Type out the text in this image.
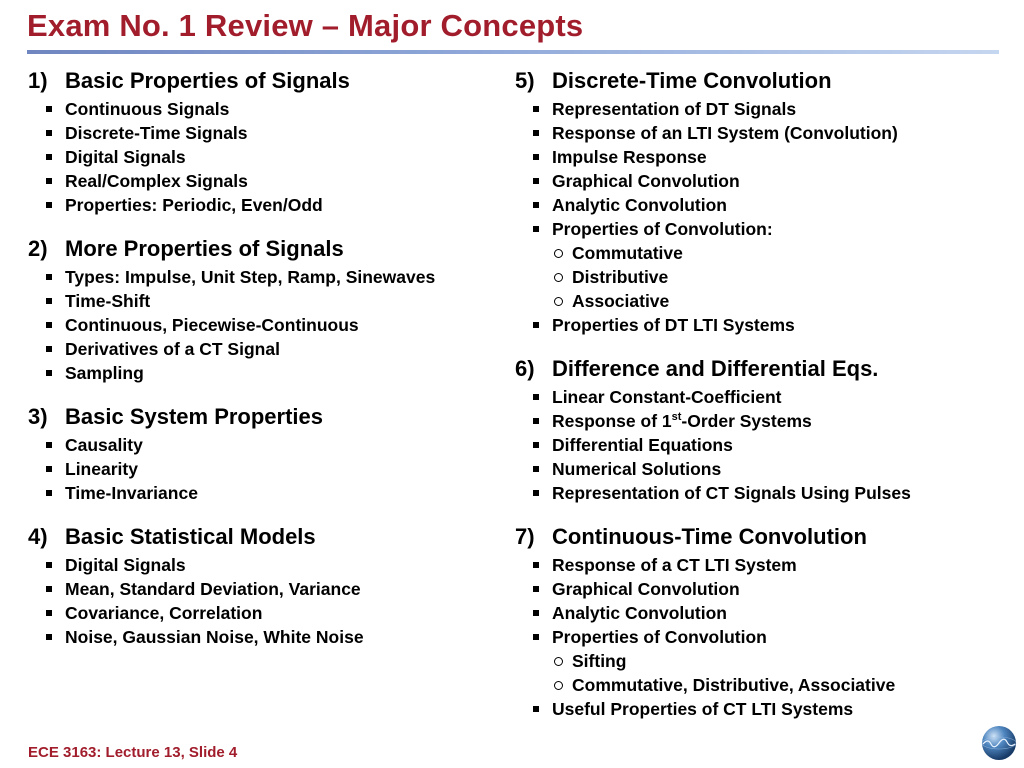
Exam No. 1 Review – Major Concepts
1) Basic Properties of Signals
Continuous Signals
Discrete-Time Signals
Digital Signals
Real/Complex Signals
Properties: Periodic, Even/Odd
2) More Properties of Signals
Types: Impulse, Unit Step, Ramp, Sinewaves
Time-Shift
Continuous, Piecewise-Continuous
Derivatives of a CT Signal
Sampling
3) Basic System Properties
Causality
Linearity
Time-Invariance
4) Basic Statistical Models
Digital Signals
Mean, Standard Deviation, Variance
Covariance, Correlation
Noise, Gaussian Noise, White Noise
5) Discrete-Time Convolution
Representation of DT Signals
Response of an LTI System (Convolution)
Impulse Response
Graphical Convolution
Analytic Convolution
Properties of Convolution:
Commutative
Distributive
Associative
Properties of DT LTI Systems
6) Difference and Differential Eqs.
Linear Constant-Coefficient
Response of 1st-Order Systems
Differential Equations
Numerical Solutions
Representation of CT Signals Using Pulses
7) Continuous-Time Convolution
Response of a CT LTI System
Graphical Convolution
Analytic Convolution
Properties of Convolution
Sifting
Commutative, Distributive, Associative
Useful Properties of CT LTI Systems
ECE 3163: Lecture 13, Slide 4
